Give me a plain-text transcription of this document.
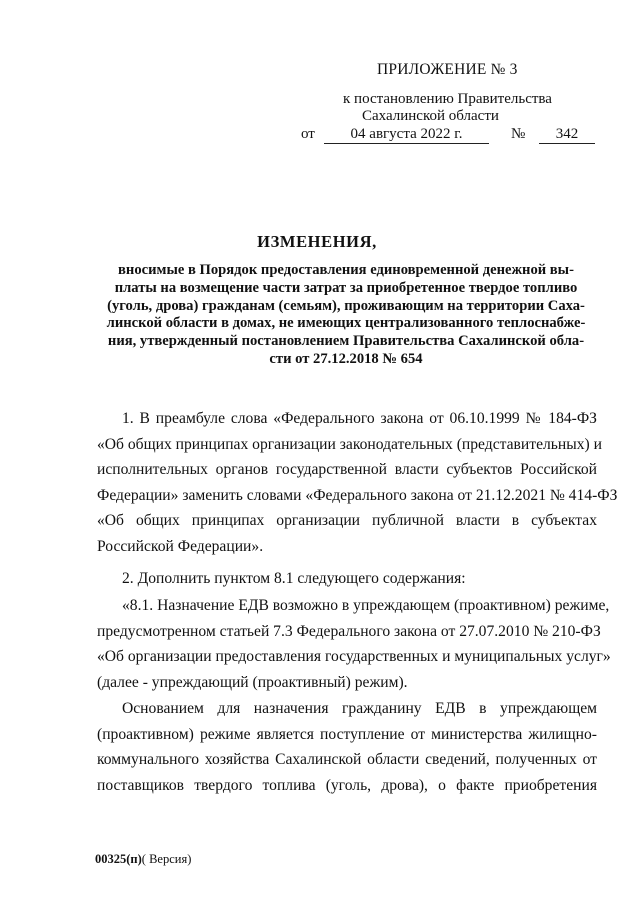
ПРИЛОЖЕНИЕ № 3
к постановлению Правительства
Сахалинской области
от	04 августа 2022 г.	№	342
ИЗМЕНЕНИЯ,
вносимые в Порядок предоставления единовременной денежной вы-
платы на возмещение части затрат за приобретенное твердое топливо
(уголь, дрова) гражданам (семьям), проживающим на территории Саха-
линской области в домах, не имеющих централизованного теплоснабже-
ния, утвержденный постановлением Правительства Сахалинской обла-
сти от 27.12.2018 № 654
1. В преамбуле слова «Федерального закона от 06.10.1999 № 184-ФЗ
«Об общих принципах организации законодательных (представительных) и
исполнительных органов государственной власти субъектов Российской
Федерации» заменить словами «Федерального закона от 21.12.2021 № 414-ФЗ
«Об общих принципах организации публичной власти в субъектах
Российской Федерации».
2. Дополнить пунктом 8.1 следующего содержания:
«8.1. Назначение ЕДВ возможно в упреждающем (проактивном) режиме,
предусмотренном статьей 7.3 Федерального закона от 27.07.2010 № 210-ФЗ
«Об организации предоставления государственных и муниципальных услуг»
(далее - упреждающий (проактивный) режим).
Основанием для назначения гражданину ЕДВ в упреждающем
(проактивном) режиме является поступление от министерства жилищно-
коммунального хозяйства Сахалинской области сведений, полученных от
поставщиков твердого топлива (уголь, дрова), о факте приобретения
00325(п)( Версия)
